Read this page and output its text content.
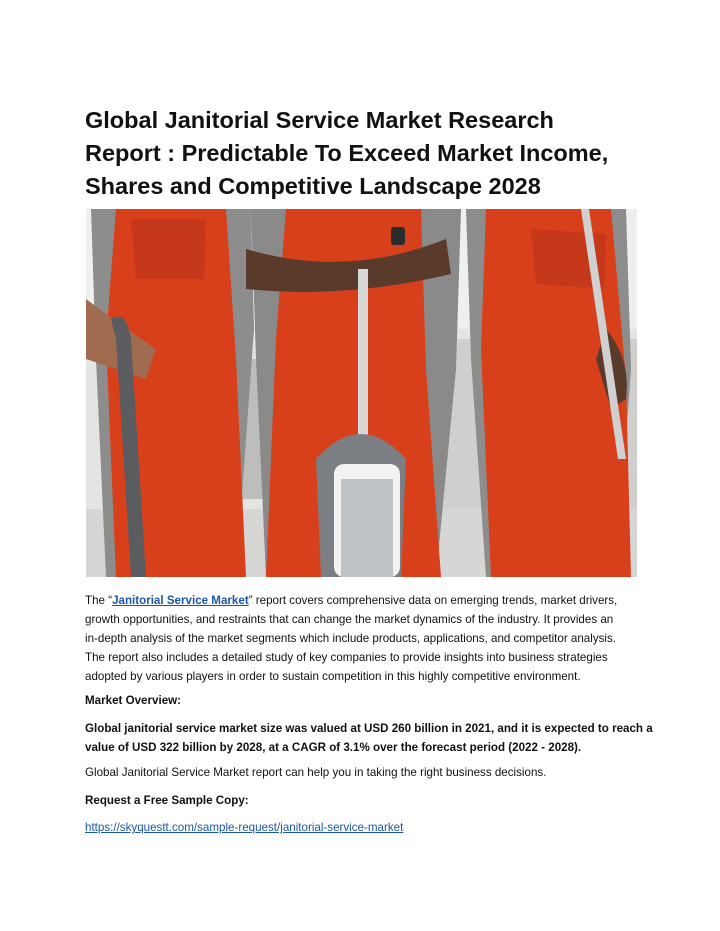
Global Janitorial Service Market Research
Report : Predictable To Exceed Market Income,
Shares and Competitive Landscape 2028
The “Janitorial Service Market” report covers comprehensive data on emerging trends, market drivers,
growth opportunities, and restraints that can change the market dynamics of the industry. It provides an
in-depth analysis of the market segments which include products, applications, and competitor analysis.
The report also includes a detailed study of key companies to provide insights into business strategies
adopted by various players in order to sustain competition in this highly competitive environment.
Market Overview:
Global janitorial service market size was valued at USD 260 billion in 2021, and it is expected to reach a
value of USD 322 billion by 2028, at a CAGR of 3.1% over the forecast period (2022 - 2028).
Global Janitorial Service Market report can help you in taking the right business decisions.
Request a Free Sample Copy:
https://skyquestt.com/sample-request/janitorial-service-market
